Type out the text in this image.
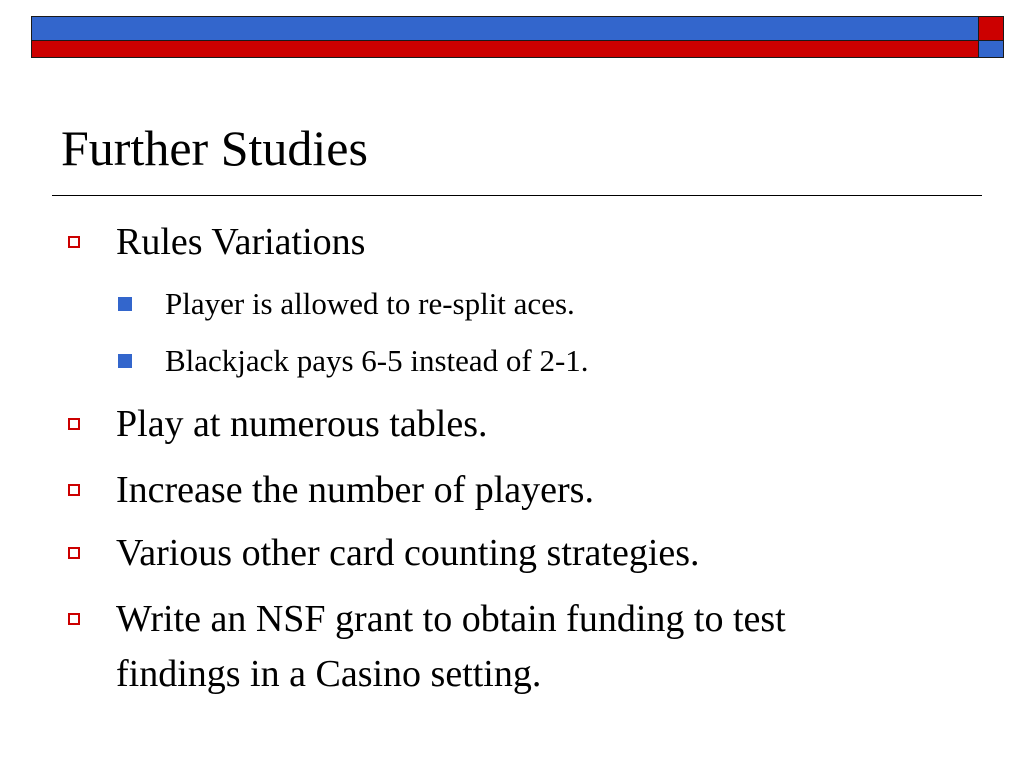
Further Studies
Rules Variations
Player is allowed to re-split aces.
Blackjack pays 6-5 instead of 2-1.
Play at numerous tables.
Increase the number of players.
Various other card counting strategies.
Write an NSF grant to obtain funding to test
findings in a Casino setting.
